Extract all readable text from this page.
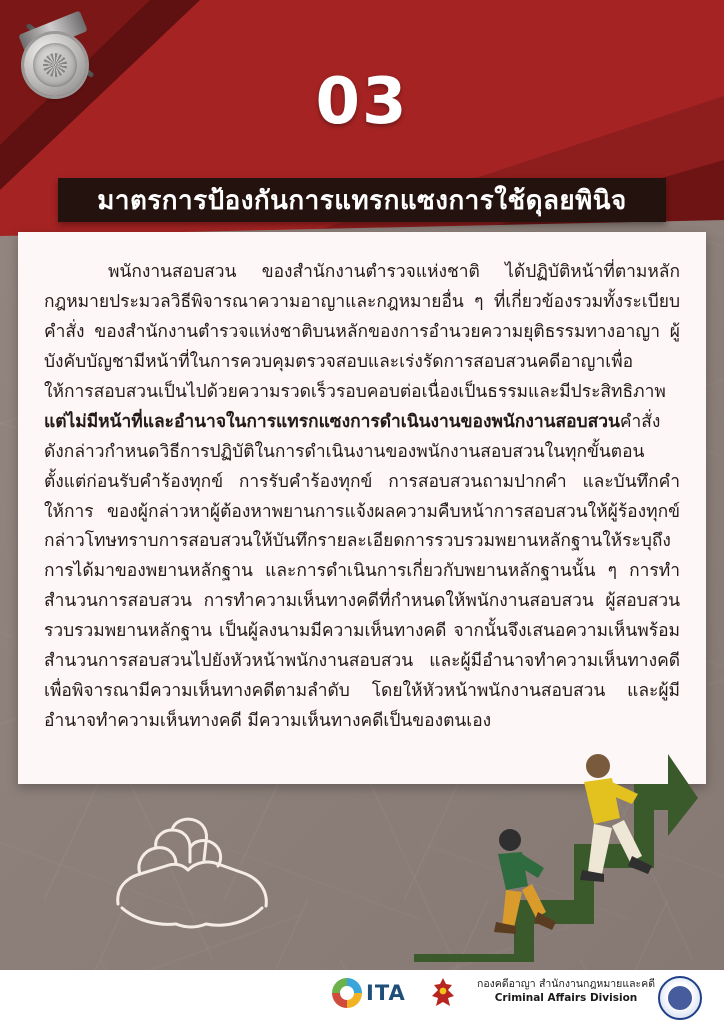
03
มาตรการป้องกันการแทรกแซงการใช้ดุลยพินิจ

พนักงานสอบสวน ของสำนักงานตำรวจแห่งชาติ ได้ปฏิบัติหน้าที่ตามหลักกฎหมายประมวลวิธีพิจารณาความอาญาและกฎหมายอื่น ๆ ที่เกี่ยวข้องรวมทั้งระเบียบคำสั่ง ของสำนักงานตำรวจแห่งชาติบนหลักของการอำนวยความยุติธรรมทางอาญา ผู้บังคับบัญชามีหน้าที่ในการควบคุมตรวจสอบและเร่งรัดการสอบสวนคดีอาญาเพื่อให้การสอบสวนเป็นไปด้วยความรวดเร็วรอบคอบต่อเนื่องเป็นธรรมและมีประสิทธิภาพแต่ไม่มีหน้าที่และอำนาจในการแทรกแซงการดำเนินงานของพนักงานสอบสวนคำสั่งดังกล่าวกำหนดวิธีการปฏิบัติในการดำเนินงานของพนักงานสอบสวนในทุกขั้นตอน ตั้งแต่ก่อนรับคำร้องทุกข์ การรับคำร้องทุกข์ การสอบสวนถามปากคำ และบันทึกคำให้การ ของผู้กล่าวหาผู้ต้องหาพยานการแจ้งผลความคืบหน้าการสอบสวนให้ผู้ร้องทุกข์กล่าวโทษทราบการสอบสวนให้บันทึกรายละเอียดการรวบรวมพยานหลักฐานให้ระบุถึงการได้มาของพยานหลักฐาน และการดำเนินการเกี่ยวกับพยานหลักฐานนั้น ๆ การทำสำนวนการสอบสวน การทำความเห็นทางคดีที่กำหนดให้พนักงานสอบสวน ผู้สอบสวนรวบรวมพยานหลักฐาน เป็นผู้ลงนามมีความเห็นทางคดี จากนั้นจึงเสนอความเห็นพร้อมสำนวนการสอบสวนไปยังหัวหน้าพนักงานสอบสวน และผู้มีอำนาจทำความเห็นทางคดี เพื่อพิจารณามีความเห็นทางคดีตามลำดับ โดยให้หัวหน้าพนักงานสอบสวน และผู้มีอำนาจทำความเห็นทางคดี มีความเห็นทางคดีเป็นของตนเอง

ITA	กองคดีอาญา สำนักงานกฎหมายและคดี
Criminal Affairs Division
